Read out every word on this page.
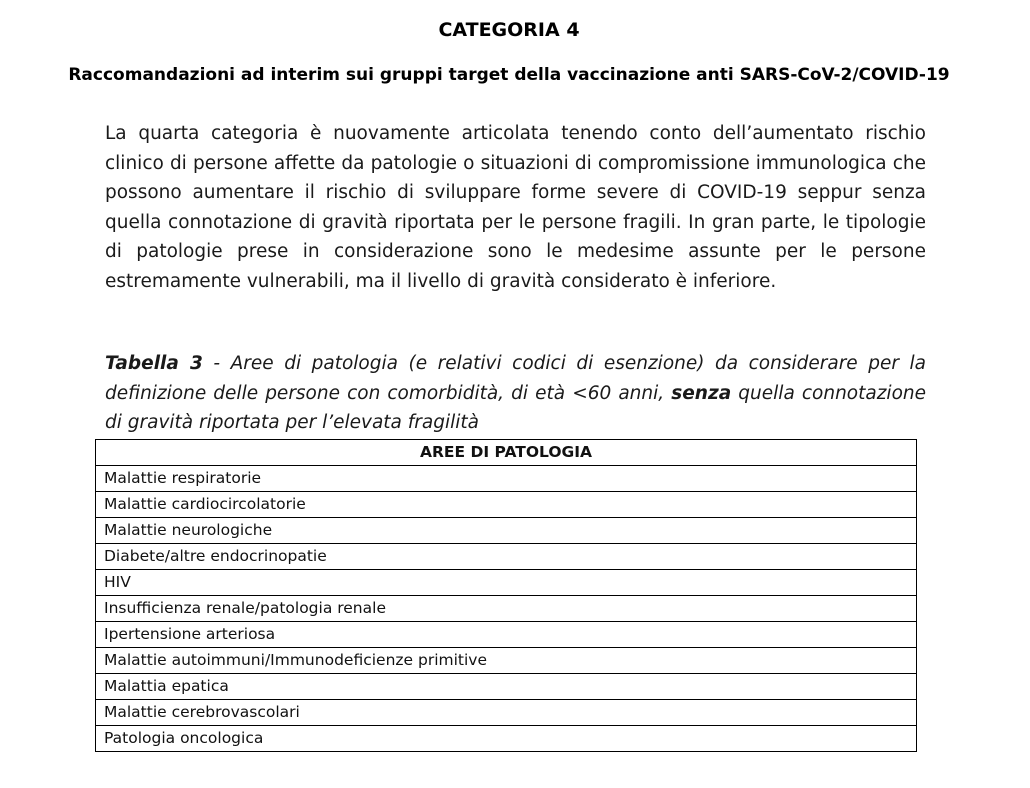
CATEGORIA 4
Raccomandazioni ad interim sui gruppi target della vaccinazione anti SARS-CoV-2/COVID-19

La quarta categoria è nuovamente articolata tenendo conto dell’aumentato rischio clinico di persone affette da patologie o situazioni di compromissione immunologica che possono aumentare il rischio di sviluppare forme severe di COVID-19 seppur senza quella connotazione di gravità riportata per le persone fragili. In gran parte, le tipologie di patologie prese in considerazione sono le medesime assunte per le persone estremamente vulnerabili, ma il livello di gravità considerato è inferiore.

Tabella 3 - Aree di patologia (e relativi codici di esenzione) da considerare per la definizione delle persone con comorbidità, di età <60 anni, senza quella connotazione di gravità riportata per l’elevata fragilità

AREE DI PATOLOGIA
Malattie respiratorie
Malattie cardiocircolatorie
Malattie neurologiche
Diabete/altre endocrinopatie
HIV
Insufficienza renale/patologia renale
Ipertensione arteriosa
Malattie autoimmuni/Immunodeficienze primitive
Malattia epatica
Malattie cerebrovascolari
Patologia oncologica
